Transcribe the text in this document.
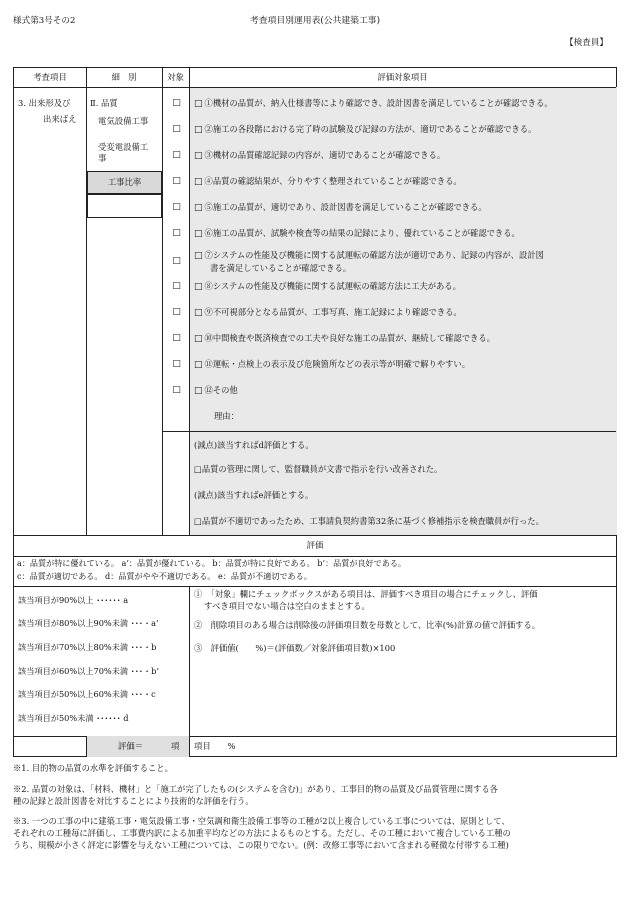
様式第3号その2	考査項目別運用表(公共建築工事)
【検査員】
考査項目	細　別	対象	評価対象項目
3. 出来形及び
出来ばえ
Ⅱ. 品質
電気設備工事
受変電設備工
事
工事比率
□	□ ①機材の品質が、納入仕様書等により確認でき、設計図書を満足していることが確認できる。
□	□ ②施工の各段階における完了時の試験及び記録の方法が、適切であることが確認できる。
□	□ ③機材の品質確認記録の内容が、適切であることが確認できる。
□	□ ④品質の確認結果が、分りやすく整理されていることが確認できる。
□	□ ⑤施工の品質が、適切であり、設計図書を満足していることが確認できる。
□	□ ⑥施工の品質が、試験や検査等の結果の記録により、優れていることが確認できる。
□	□ ⑦システムの性能及び機能に関する試運転の確認方法が適切であり、記録の内容が、設計図
書を満足していることが確認できる。
□	□ ⑧システムの性能及び機能に関する試運転の確認方法に工夫がある。
□	□ ⑨不可視部分となる品質が、工事写真、施工記録により確認できる。
□	□ ⑩中間検査や既済検査での工夫や良好な施工の品質が、継続して確認できる。
□	□ ⑪運転・点検上の表示及び危険箇所などの表示等が明確で解りやすい。
□	□ ⑫その他
理由：
(減点)該当すればd評価とする。
□品質の管理に関して、監督職員が文書で指示を行い改善された。
(減点)該当すればe評価とする。
□品質が不適切であったため、工事請負契約書第32条に基づく修補指示を検査職員が行った。
評価
a：品質が特に優れている。 a’：品質が優れている。 b：品質が特に良好である。 b’：品質が良好である。
c：品質が適切である。 d：品質がやや不適切である。 e：品質が不適切である。
該当項目が90%以上 ･･････ a
該当項目が80%以上90%未満 ･･･・a’
該当項目が70%以上80%未満 ･･･・b
該当項目が60%以上70%未満 ･･･・b’
該当項目が50%以上60%未満 ･･･・c
該当項目が50%未満 ･･････ d
①　「対象」欄にチェックボックスがある項目は、評価すべき項目の場合にチェックし、評価
すべき項目でない場合は空白のままとする。
②　削除項目のある場合は削除後の評価項目数を母数として、比率(%)計算の値で評価する。
③　評価値(　　%)＝(評価数／対象評価項目数)×100
評価＝	項 項目　　%
※1. 目的物の品質の水準を評価すること。
※2. 品質の対象は、「材料、機材」と「施工が完了したもの(システムを含む)」があり、工事目的物の品質及び品質管理に関する各
種の記録と設計図書を対比することにより技術的な評価を行う。
※3. 一つの工事の中に建築工事・電気設備工事・空気調和衛生設備工事等の工種が2以上複合している工事については、原則として、
それぞれの工種毎に評価し、工事費内訳による加重平均などの方法によるものとする。ただし、その工種において複合している工種の
うち、規模が小さく評定に影響を与えない工種については、この限りでない。(例：改修工事等において含まれる軽微な付帯する工種)
